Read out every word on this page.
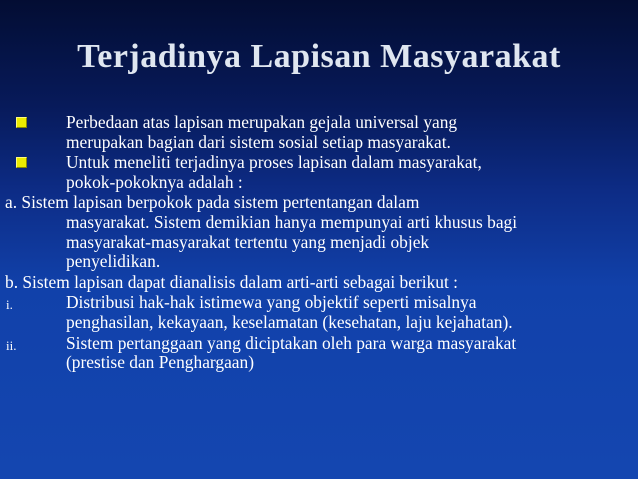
Terjadinya Lapisan Masyarakat
Perbedaan atas lapisan merupakan gejala universal yang
merupakan bagian dari sistem sosial setiap masyarakat.
Untuk meneliti terjadinya proses lapisan dalam masyarakat,
pokok-pokoknya adalah :
a. Sistem lapisan berpokok pada sistem pertentangan dalam
masyarakat. Sistem demikian hanya mempunyai arti khusus bagi
masyarakat-masyarakat tertentu yang menjadi objek
penyelidikan.
b. Sistem lapisan dapat dianalisis dalam arti-arti sebagai berikut :
i.	Distribusi hak-hak istimewa yang objektif seperti misalnya
penghasilan, kekayaan, keselamatan (kesehatan, laju kejahatan).
ii.	Sistem pertanggaan yang diciptakan oleh para warga masyarakat
(prestise dan Penghargaan)
